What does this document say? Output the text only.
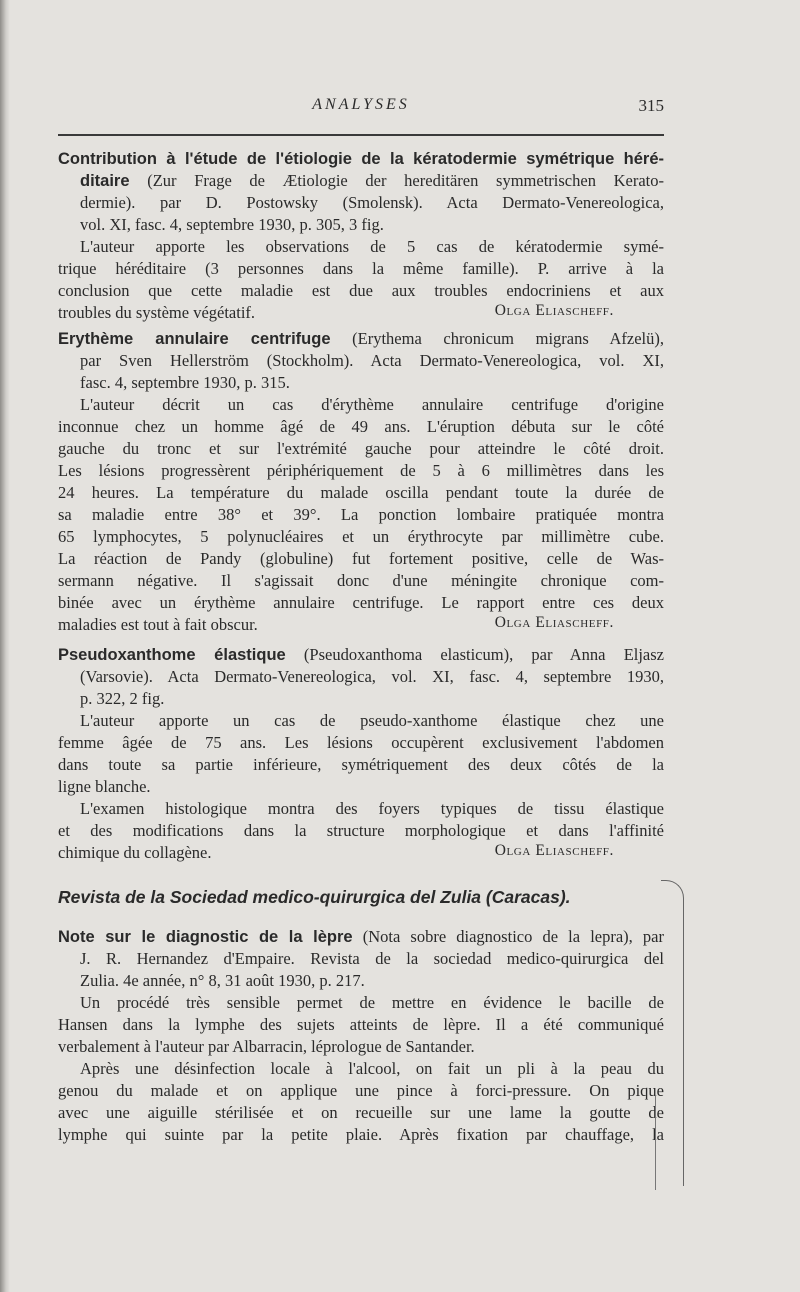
ANALYSES	315
Contribution à l'étude de l'étiologie de la kératodermie symétrique héré-
ditaire (Zur Frage de Ætiologie der hereditären symmetrischen Kerato-
dermie). par D. Postowsky (Smolensk). Acta Dermato-Venereologica,
vol. XI, fasc. 4, septembre 1930, p. 305, 3 fig.
L'auteur apporte les observations de 5 cas de kératodermie symé-
trique héréditaire (3 personnes dans la même famille). P. arrive à la
conclusion que cette maladie est due aux troubles endocriniens et aux
troubles du système végétatif.	Olga Eliascheff.
Erythème annulaire centrifuge (Erythema chronicum migrans Afzelü),
par Sven Hellerström (Stockholm). Acta Dermato-Venereologica, vol. XI,
fasc. 4, septembre 1930, p. 315.
L'auteur décrit un cas d'érythème annulaire centrifuge d'origine
inconnue chez un homme âgé de 49 ans. L'éruption débuta sur le côté
gauche du tronc et sur l'extrémité gauche pour atteindre le côté droit.
Les lésions progressèrent périphériquement de 5 à 6 millimètres dans les
24 heures. La température du malade oscilla pendant toute la durée de
sa maladie entre 38° et 39°. La ponction lombaire pratiquée montra
65 lymphocytes, 5 polynucléaires et un érythrocyte par millimètre cube.
La réaction de Pandy (globuline) fut fortement positive, celle de Was-
sermann négative. Il s'agissait donc d'une méningite chronique com-
binée avec un érythème annulaire centrifuge. Le rapport entre ces deux
maladies est tout à fait obscur.	Olga Eliascheff.
Pseudoxanthome élastique (Pseudoxanthoma elasticum), par Anna Eljasz
(Varsovie). Acta Dermato-Venereologica, vol. XI, fasc. 4, septembre 1930,
p. 322, 2 fig.
L'auteur apporte un cas de pseudo-xanthome élastique chez une
femme âgée de 75 ans. Les lésions occupèrent exclusivement l'abdomen
dans toute sa partie inférieure, symétriquement des deux côtés de la
ligne blanche.
L'examen histologique montra des foyers typiques de tissu élastique
et des modifications dans la structure morphologique et dans l'affinité
chimique du collagène.	Olga Eliascheff.
Revista de la Sociedad medico-quirurgica del Zulia (Caracas).
Note sur le diagnostic de la lèpre (Nota sobre diagnostico de la lepra), par
J. R. Hernandez d'Empaire. Revista de la sociedad medico-quirurgica del
Zulia. 4e année, n° 8, 31 août 1930, p. 217.
Un procédé très sensible permet de mettre en évidence le bacille de
Hansen dans la lymphe des sujets atteints de lèpre. Il a été communiqué
verbalement à l'auteur par Albarracin, léprologue de Santander.
Après une désinfection locale à l'alcool, on fait un pli à la peau du
genou du malade et on applique une pince à forci-pressure. On pique
avec une aiguille stérilisée et on recueille sur une lame la goutte de
lymphe qui suinte par la petite plaie. Après fixation par chauffage, la
